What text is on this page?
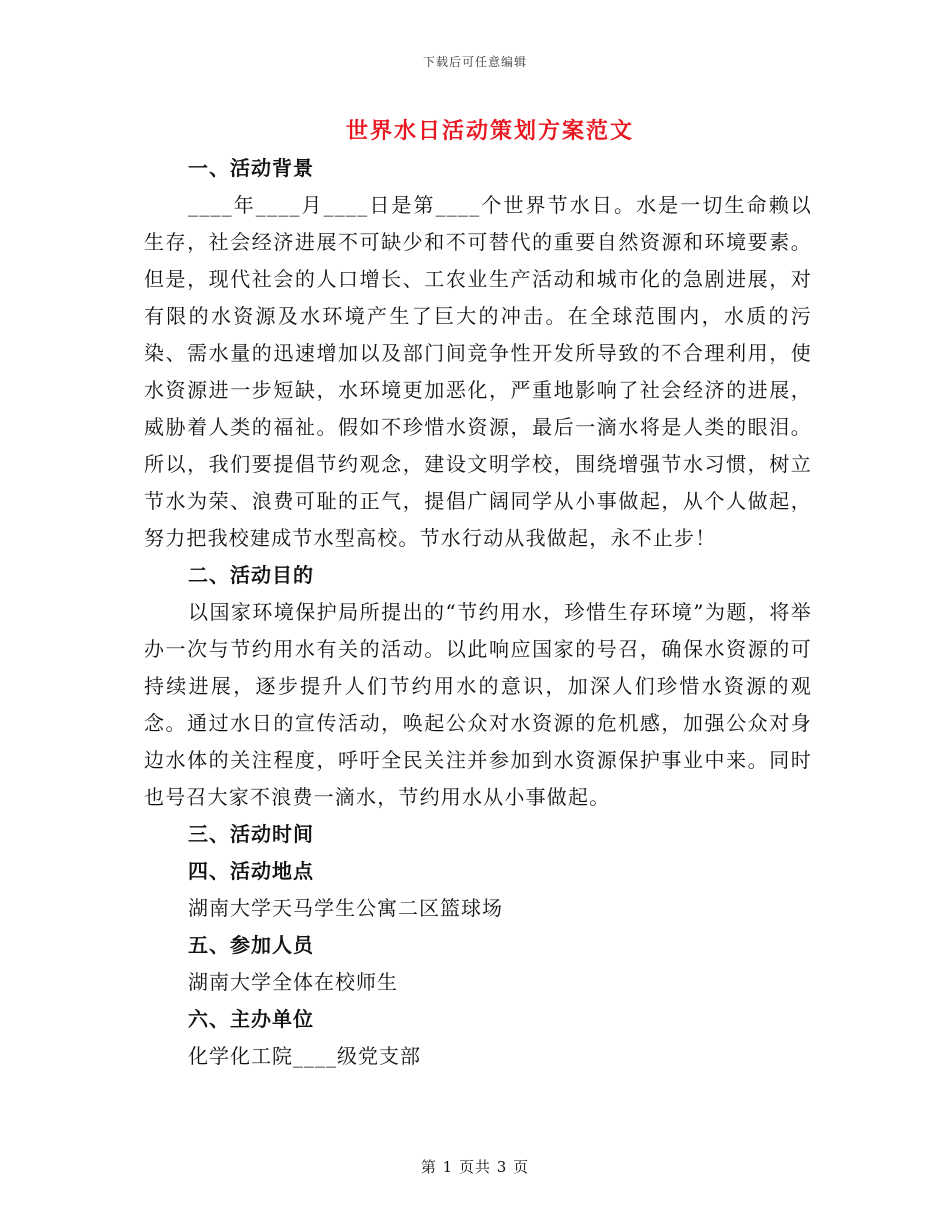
下载后可任意编辑
世界水日活动策划方案范文
一、活动背景

____年____月____日是第____个世界节水日。水是一切生命赖以生存，社会经济进展不可缺少和不可替代的重要自然资源和环境要素。但是，现代社会的人口增长、工农业生产活动和城市化的急剧进展，对有限的水资源及水环境产生了巨大的冲击。在全球范围内，水质的污染、需水量的迅速增加以及部门间竞争性开发所导致的不合理利用，使水资源进一步短缺，水环境更加恶化，严重地影响了社会经济的进展，威胁着人类的福祉。假如不珍惜水资源，最后一滴水将是人类的眼泪。所以，我们要提倡节约观念，建设文明学校，围绕增强节水习惯，树立节水为荣、浪费可耻的正气，提倡广阔同学从小事做起，从个人做起，努力把我校建成节水型高校。节水行动从我做起，永不止步！

二、活动目的

以国家环境保护局所提出的“节约用水，珍惜生存环境”为题，将举办一次与节约用水有关的活动。以此响应国家的号召，确保水资源的可持续进展，逐步提升人们节约用水的意识，加深人们珍惜水资源的观念。通过水日的宣传活动，唤起公众对水资源的危机感，加强公众对身边水体的关注程度，呼吁全民关注并参加到水资源保护事业中来。同时也号召大家不浪费一滴水，节约用水从小事做起。

三、活动时间
四、活动地点
湖南大学天马学生公寓二区篮球场
五、参加人员
湖南大学全体在校师生
六、主办单位
化学化工院____级党支部
第 1 页共 3 页
